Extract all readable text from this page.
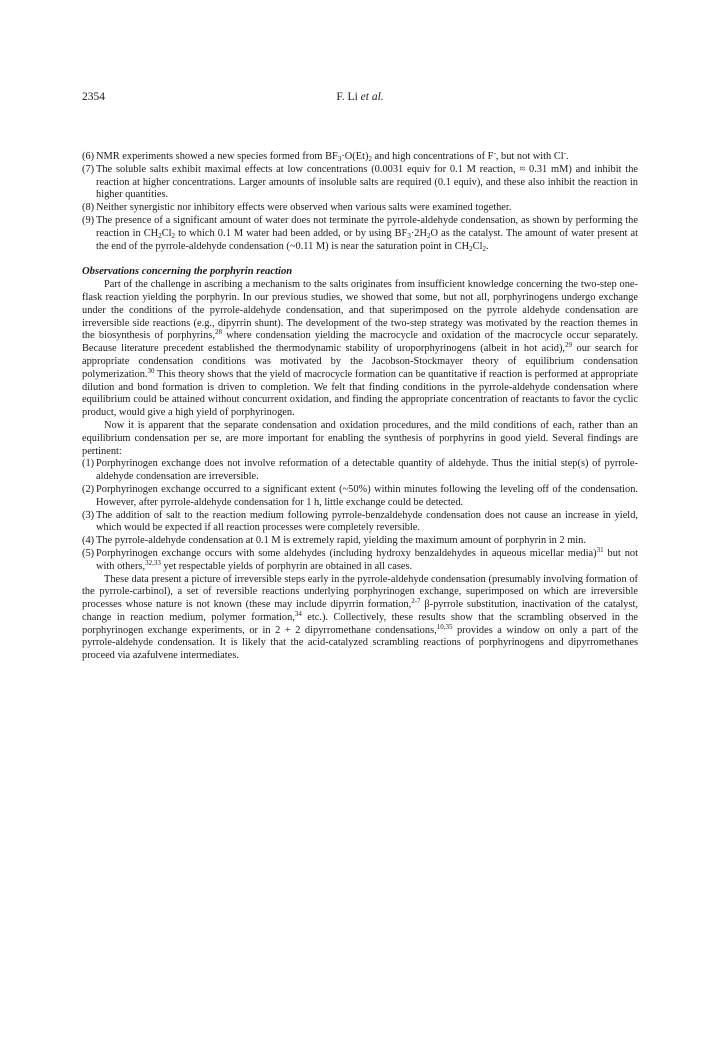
2354	F. Li et al.

(6) NMR experiments showed a new species formed from $BF_3\cdot O(Et)_2$ and high concentrations of F-, but not with Cl-.

(7) The soluble salts exhibit maximal effects at low concentrations (0.0031 equiv for 0.1 M reaction, ≈ 0.31 mM) and inhibit the reaction at higher concentrations. Larger amounts of insoluble salts are required (0.1 equiv), and these also inhibit the reaction in higher quantities.

(8) Neither synergistic nor inhibitory effects were observed when various salts were examined together.

(9) The presence of a significant amount of water does not terminate the pyrrole-aldehyde condensation, as shown by performing the reaction in $CH_2Cl_2$ to which 0.1 M water had been added, or by using $BF_3\cdot 2H_2O$ as the catalyst. The amount of water present at the end of the pyrrole-aldehyde condensation (~0.11 M) is near the saturation point in $CH_2Cl_2$.

Observations concerning the porphyrin reaction

Part of the challenge in ascribing a mechanism to the salts originates from insufficient knowledge concerning the two-step one-flask reaction yielding the porphyrin. In our previous studies, we showed that some, but not all, porphyrinogens undergo exchange under the conditions of the pyrrole-aldehyde condensation, and that superimposed on the pyrrole aldehyde condensation are irreversible side reactions (e.g., dipyrrin shunt). The development of the two-step strategy was motivated by the reaction themes in the biosynthesis of porphyrins,$^{28}$ where condensation yielding the macrocycle and oxidation of the macrocycle occur separately. Because literature precedent established the thermodynamic stability of uroporphyrinogens (albeit in hot acid),$^{29}$ our search for appropriate condensation conditions was motivated by the Jacobson-Stockmayer theory of equilibrium condensation polymerization.$^{30}$ This theory shows that the yield of macrocycle formation can be quantitative if reaction is performed at appropriate dilution and bond formation is driven to completion. We felt that finding conditions in the pyrrole-aldehyde condensation where equilibrium could be attained without concurrent oxidation, and finding the appropriate concentration of reactants to favor the cyclic product, would give a high yield of porphyrinogen.

Now it is apparent that the separate condensation and oxidation procedures, and the mild conditions of each, rather than an equilibrium condensation per se, are more important for enabling the synthesis of porphyrins in good yield. Several findings are pertinent:

(1) Porphyrinogen exchange does not involve reformation of a detectable quantity of aldehyde. Thus the initial step(s) of pyrrole-aldehyde condensation are irreversible.

(2) Porphyrinogen exchange occurred to a significant extent (~50%) within minutes following the leveling off of the condensation. However, after pyrrole-aldehyde condensation for 1 h, little exchange could be detected.

(3) The addition of salt to the reaction medium following pyrrole-benzaldehyde condensation does not cause an increase in yield, which would be expected if all reaction processes were completely reversible.

(4) The pyrrole-aldehyde condensation at 0.1 M is extremely rapid, yielding the maximum amount of porphyrin in 2 min.

(5) Porphyrinogen exchange occurs with some aldehydes (including hydroxy benzaldehydes in aqueous micellar media)$^{31}$ but not with others,$^{32,33}$ yet respectable yields of porphyrin are obtained in all cases.

These data present a picture of irreversible steps early in the pyrrole-aldehyde condensation (presumably involving formation of the pyrrole-carbinol), a set of reversible reactions underlying porphyrinogen exchange, superimposed on which are irreversible processes whose nature is not known (these may include dipyrrin formation,$^{2-7}$ β-pyrrole substitution, inactivation of the catalyst, change in reaction medium, polymer formation,$^{34}$ etc.). Collectively, these results show that the scrambling observed in the porphyrinogen exchange experiments, or in 2 + 2 dipyrromethane condensations,$^{10,35}$ provides a window on only a part of the pyrrole-aldehyde condensation. It is likely that the acid-catalyzed scrambling reactions of porphyrinogens and dipyrromethanes proceed via azafulvene intermediates.
